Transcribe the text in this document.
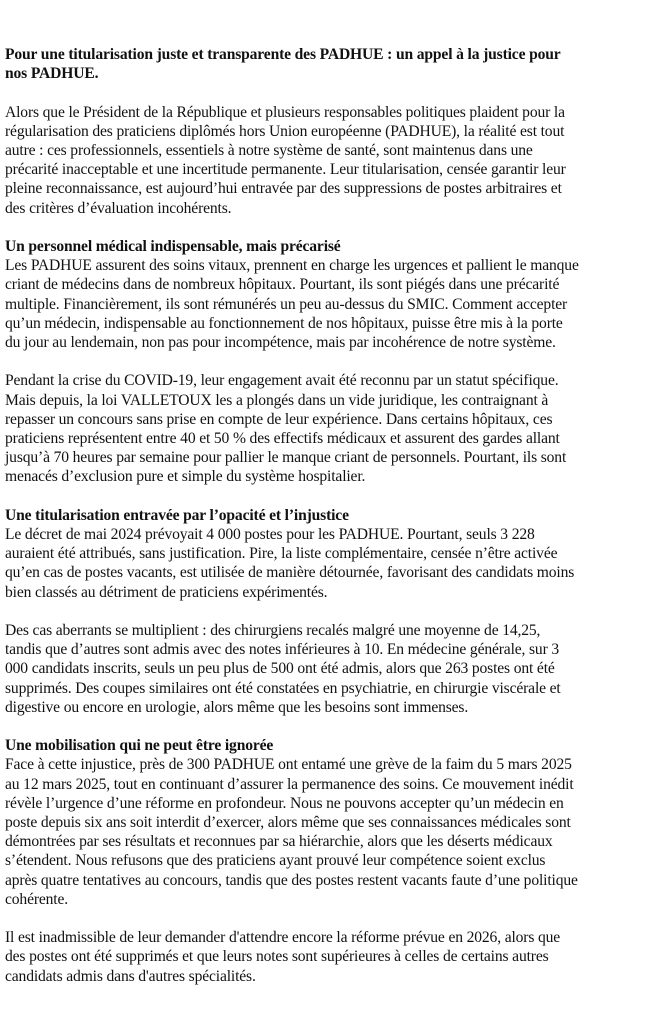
Pour une titularisation juste et transparente des PADHUE : un appel à la justice pour
nos PADHUE.

Alors que le Président de la République et plusieurs responsables politiques plaident pour la
régularisation des praticiens diplômés hors Union européenne (PADHUE), la réalité est tout
autre : ces professionnels, essentiels à notre système de santé, sont maintenus dans une
précarité inacceptable et une incertitude permanente. Leur titularisation, censée garantir leur
pleine reconnaissance, est aujourd’hui entravée par des suppressions de postes arbitraires et
des critères d’évaluation incohérents.

Un personnel médical indispensable, mais précarisé

Les PADHUE assurent des soins vitaux, prennent en charge les urgences et pallient le manque
criant de médecins dans de nombreux hôpitaux. Pourtant, ils sont piégés dans une précarité
multiple. Financièrement, ils sont rémunérés un peu au-dessus du SMIC. Comment accepter
qu’un médecin, indispensable au fonctionnement de nos hôpitaux, puisse être mis à la porte
du jour au lendemain, non pas pour incompétence, mais par incohérence de notre système.

Pendant la crise du COVID-19, leur engagement avait été reconnu par un statut spécifique.
Mais depuis, la loi VALLETOUX les a plongés dans un vide juridique, les contraignant à
repasser un concours sans prise en compte de leur expérience. Dans certains hôpitaux, ces
praticiens représentent entre 40 et 50 % des effectifs médicaux et assurent des gardes allant
jusqu’à 70 heures par semaine pour pallier le manque criant de personnels. Pourtant, ils sont
menacés d’exclusion pure et simple du système hospitalier.

Une titularisation entravée par l’opacité et l’injustice

Le décret de mai 2024 prévoyait 4 000 postes pour les PADHUE. Pourtant, seuls 3 228
auraient été attribués, sans justification. Pire, la liste complémentaire, censée n’être activée
qu’en cas de postes vacants, est utilisée de manière détournée, favorisant des candidats moins
bien classés au détriment de praticiens expérimentés.

Des cas aberrants se multiplient : des chirurgiens recalés malgré une moyenne de 14,25,
tandis que d’autres sont admis avec des notes inférieures à 10. En médecine générale, sur 3
000 candidats inscrits, seuls un peu plus de 500 ont été admis, alors que 263 postes ont été
supprimés. Des coupes similaires ont été constatées en psychiatrie, en chirurgie viscérale et
digestive ou encore en urologie, alors même que les besoins sont immenses.

Une mobilisation qui ne peut être ignorée

Face à cette injustice, près de 300 PADHUE ont entamé une grève de la faim du 5 mars 2025
au 12 mars 2025, tout en continuant d’assurer la permanence des soins. Ce mouvement inédit
révèle l’urgence d’une réforme en profondeur. Nous ne pouvons accepter qu’un médecin en
poste depuis six ans soit interdit d’exercer, alors même que ses connaissances médicales sont
démontrées par ses résultats et reconnues par sa hiérarchie, alors que les déserts médicaux
s’étendent. Nous refusons que des praticiens ayant prouvé leur compétence soient exclus
après quatre tentatives au concours, tandis que des postes restent vacants faute d’une politique
cohérente.

Il est inadmissible de leur demander d'attendre encore la réforme prévue en 2026, alors que
des postes ont été supprimés et que leurs notes sont supérieures à celles de certains autres
candidats admis dans d'autres spécialités.
